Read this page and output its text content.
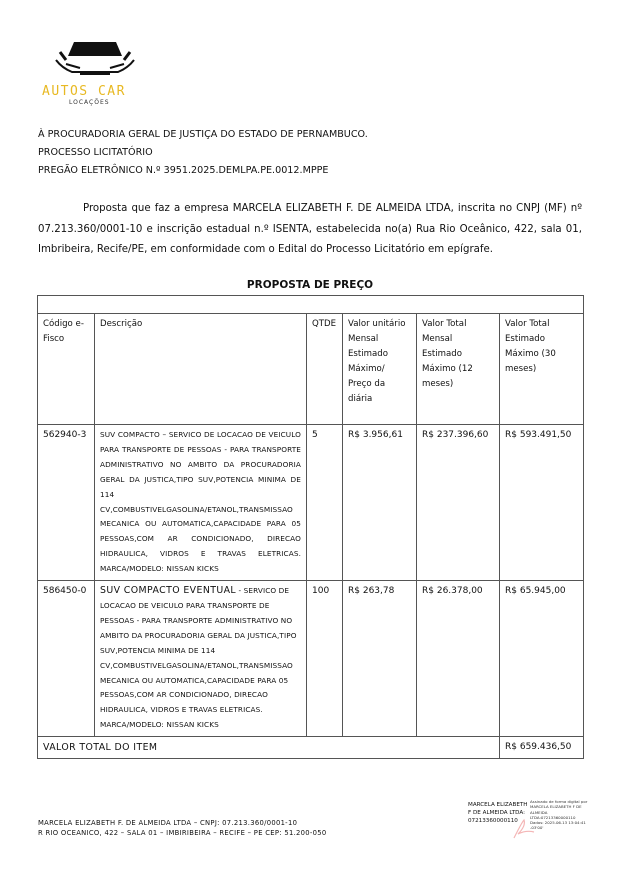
AUTOS CAR
LOCAÇÕES
À PROCURADORIA GERAL DE JUSTIÇA DO ESTADO DE PERNAMBUCO.
PROCESSO LICITATÓRIO
PREGÃO ELETRÔNICO N.º 3951.2025.DEMLPA.PE.0012.MPPE
Proposta que faz a empresa MARCELA ELIZABETH F. DE ALMEIDA LTDA, inscrita no CNPJ (MF) nº 07.213.360/0001-10 e inscrição estadual n.º ISENTA, estabelecida no(a) Rua Rio Oceânico, 422, sala 01, Imbribeira, Recife/PE, em conformidade com o Edital do Processo Licitatório em epígrafe.
PROPOSTA DE PREÇO

Código e-Fisco	Descrição	QTDE	Valor unitário Mensal Estimado Máximo/ Preço da diária	Valor Total Mensal Estimado Máximo (12 meses)	Valor Total Estimado Máximo (30 meses)
562940-3	SUV COMPACTO – SERVICO DE LOCACAO DE VEICULO PARA TRANSPORTE DE PESSOAS - PARA TRANSPORTE ADMINISTRATIVO NO AMBITO DA PROCURADORIA GERAL DA JUSTICA,TIPO SUV,POTENCIA MINIMA DE 114 CV,COMBUSTIVELGASOLINA/ETANOL,TRANSMISSAO MECANICA OU AUTOMATICA,CAPACIDADE PARA 05 PESSOAS,COM AR CONDICIONADO, DIRECAO HIDRAULICA, VIDROS E TRAVAS ELETRICAS. MARCA/MODELO: NISSAN KICKS	5	R$ 3.956,61	R$ 237.396,60	R$ 593.491,50
586450-0	SUV COMPACTO EVENTUAL - SERVICO DE LOCACAO DE VEICULO PARA TRANSPORTE DE PESSOAS - PARA TRANSPORTE ADMINISTRATIVO NO AMBITO DA PROCURADORIA GERAL DA JUSTICA,TIPO SUV,POTENCIA MINIMA DE 114 CV,COMBUSTIVELGASOLINA/ETANOL,TRANSMISSAO MECANICA OU AUTOMATICA,CAPACIDADE PARA 05 PESSOAS,COM AR CONDICIONADO, DIRECAO HIDRAULICA, VIDROS E TRAVAS ELETRICAS. MARCA/MODELO: NISSAN KICKS	100	R$ 263,78	R$ 26.378,00	R$ 65.945,00
VALOR TOTAL DO ITEM					R$ 659.436,50
MARCELA ELIZABETH F. DE ALMEIDA LTDA – CNPJ: 07.213.360/0001-10
R RIO OCEANICO, 422 – SALA 01 – IMBIRIBEIRA – RECIFE – PE CEP: 51.200-050
MARCELA ELIZABETH F DE ALMEIDA LTDA:07213360000110
Assinado de forma digital por MARCELA ELIZABETH F DE ALMEIDA LTDA:07213360000110 Dados: 2025.06.13 13:04:41 -03'00'
